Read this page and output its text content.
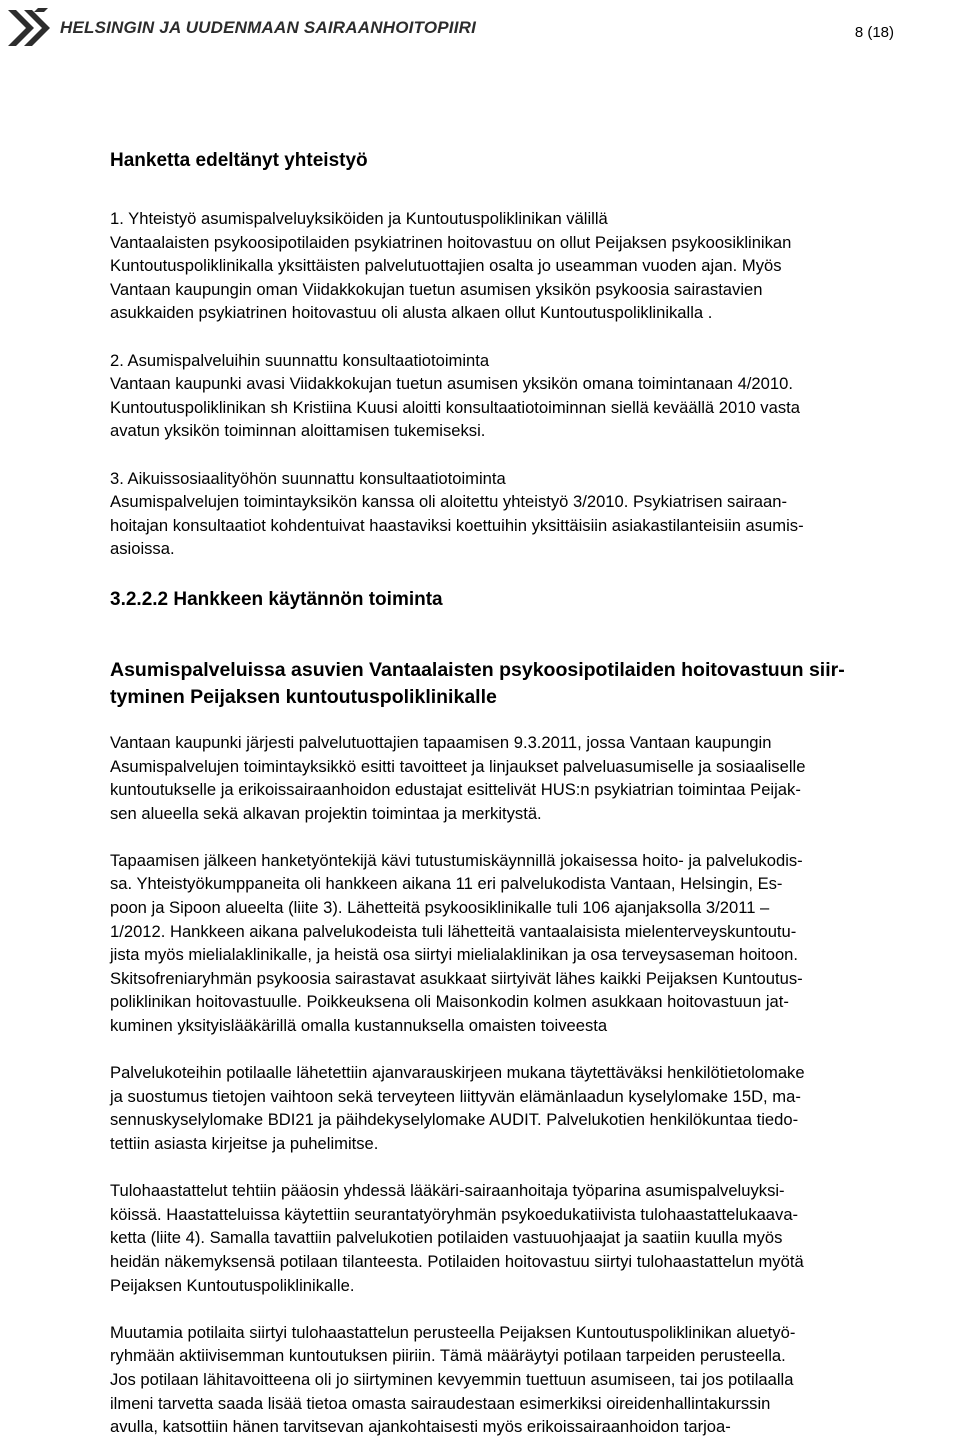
HELSINGIN JA UUDENMAAN SAIRAANHOITOPIIRI	8 (18)

Hanketta edeltänyt yhteistyö

1. Yhteistyö asumispalveluyksiköiden ja Kuntoutuspoliklinikan välillä

Vantaalaisten psykoosipotilaiden psykiatrinen hoitovastuu on ollut Peijaksen psykoosiklinikan

Kuntoutuspoliklinikalla yksittäisten palvelutuottajien osalta jo useamman vuoden ajan. Myös

Vantaan kaupungin oman Viidakkokujan tuetun asumisen yksikön psykoosia sairastavien

asukkaiden psykiatrinen hoitovastuu oli alusta alkaen ollut Kuntoutuspoliklinikalla .

2. Asumispalveluihin suunnattu konsultaatiotoiminta

Vantaan kaupunki avasi Viidakkokujan tuetun asumisen yksikön omana toimintanaan 4/2010.

Kuntoutuspoliklinikan sh Kristiina Kuusi aloitti konsultaatiotoiminnan siellä keväällä 2010 vasta

avatun yksikön toiminnan aloittamisen tukemiseksi.

3. Aikuissosiaalityöhön suunnattu konsultaatiotoiminta

Asumispalvelujen toimintayksikön kanssa oli aloitettu yhteistyö 3/2010. Psykiatrisen sairaan-

hoitajan konsultaatiot kohdentuivat haastaviksi koettuihin yksittäisiin asiakastilanteisiin asumis-

asioissa.

3.2.2.2 Hankkeen käytännön toiminta

Asumispalveluissa asuvien Vantaalaisten psykoosipotilaiden hoitovastuun siir-

tyminen Peijaksen kuntoutuspoliklinikalle

Vantaan kaupunki järjesti palvelutuottajien tapaamisen 9.3.2011, jossa Vantaan kaupungin

Asumispalvelujen toimintayksikkö esitti tavoitteet ja linjaukset palveluasumiselle ja sosiaaliselle

kuntoutukselle ja erikoissairaanhoidon edustajat esittelivät HUS:n psykiatrian toimintaa Peijak-

sen alueella sekä alkavan projektin toimintaa ja merkitystä.

Tapaamisen jälkeen hanketyöntekijä kävi tutustumiskäynnillä jokaisessa hoito- ja palvelukodis-

sa. Yhteistyökumppaneita oli hankkeen aikana 11 eri palvelukodista Vantaan, Helsingin, Es-

poon ja Sipoon alueelta (liite 3). Lähetteitä psykoosiklinikalle tuli 106 ajanjaksolla 3/2011 –

1/2012. Hankkeen aikana palvelukodeista tuli lähetteitä vantaalaisista mielenterveyskuntoutu-

jista myös mielialaklinikalle, ja heistä osa siirtyi mielialaklinikan ja osa terveysaseman hoitoon.

Skitsofreniaryhmän psykoosia sairastavat asukkaat siirtyivät lähes kaikki Peijaksen Kuntoutus-

poliklinikan hoitovastuulle. Poikkeuksena oli Maisonkodin kolmen asukkaan hoitovastuun jat-

kuminen yksityislääkärillä omalla kustannuksella omaisten toiveesta

Palvelukoteihin potilaalle lähetettiin ajanvarauskirjeen mukana täytettäväksi henkilötietolomake

ja suostumus tietojen vaihtoon sekä terveyteen liittyvän elämänlaadun kyselylomake 15D, ma-

sennuskyselylomake BDI21 ja päihdekyselylomake AUDIT. Palvelukotien henkilökuntaa tiedo-

tettiin asiasta kirjeitse ja puhelimitse.

Tulohaastattelut tehtiin pääosin yhdessä lääkäri-sairaanhoitaja työparina asumispalveluyksi-

köissä. Haastatteluissa käytettiin seurantatyöryhmän psykoedukatiivista tulohaastattelukaava-

ketta (liite 4). Samalla tavattiin palvelukotien potilaiden vastuuohjaajat ja saatiin kuulla myös

heidän näkemyksensä potilaan tilanteesta. Potilaiden hoitovastuu siirtyi tulohaastattelun myötä

Peijaksen Kuntoutuspoliklinikalle.

Muutamia potilaita siirtyi tulohaastattelun perusteella Peijaksen Kuntoutuspoliklinikan aluetyö-

ryhmään aktiivisemman kuntoutuksen piiriin. Tämä määräytyi potilaan tarpeiden perusteella.

Jos potilaan lähitavoitteena oli jo siirtyminen kevyemmin tuettuun asumiseen, tai jos potilaalla

ilmeni tarvetta saada lisää tietoa omasta sairaudestaan esimerkiksi oireidenhallintakurssin

avulla, katsottiin hänen tarvitsevan ajankohtaisesti myös erikoissairaanhoidon tarjoa-
